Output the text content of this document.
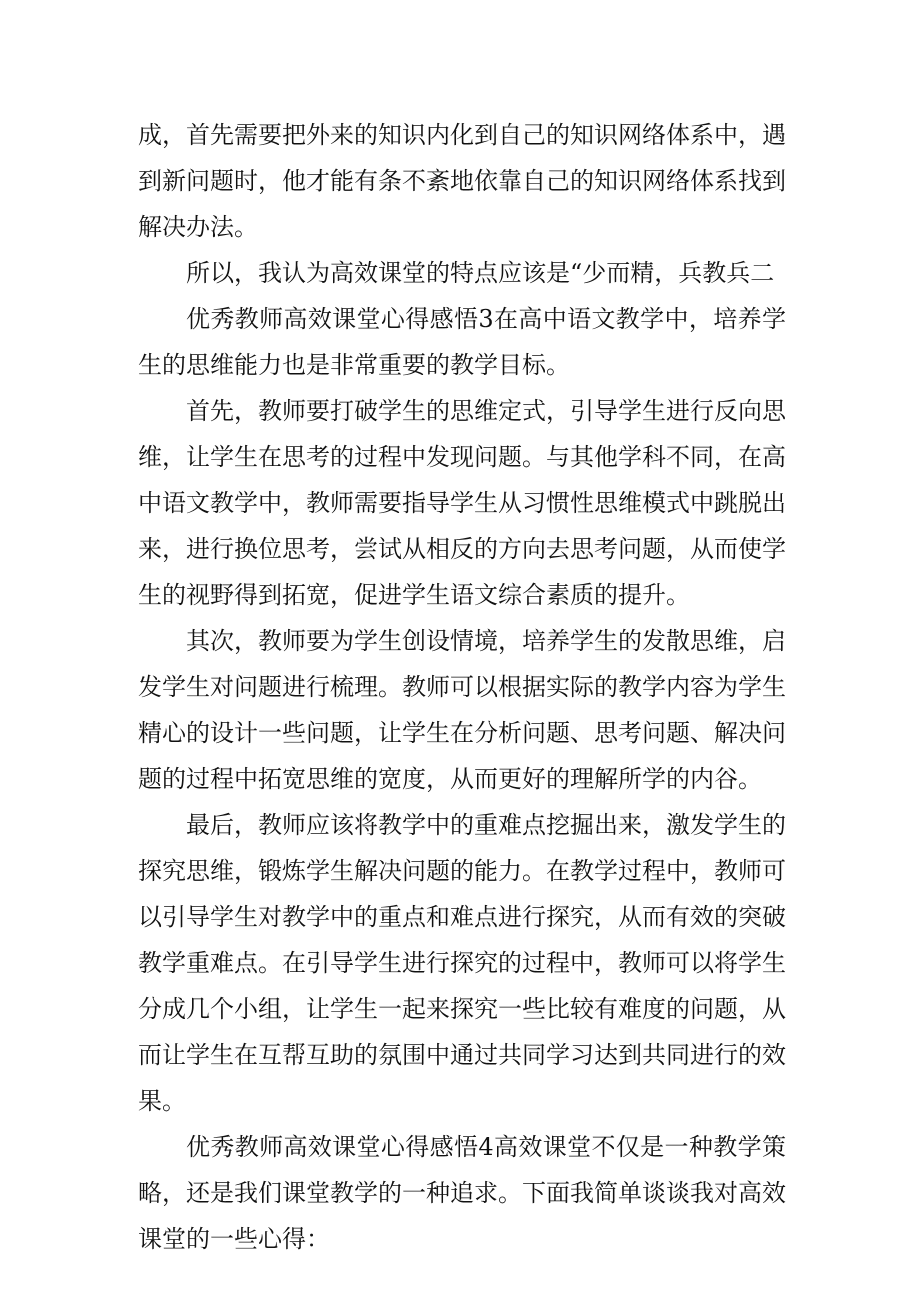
成，首先需要把外来的知识内化到自己的知识网络体系中，遇到新问题时，他才能有条不紊地依靠自己的知识网络体系找到解决办法。

所以，我认为高效课堂的特点应该是“少而精，兵教兵二

优秀教师高效课堂心得感悟3在高中语文教学中，培养学生的思维能力也是非常重要的教学目标。

首先，教师要打破学生的思维定式，引导学生进行反向思维，让学生在思考的过程中发现问题。与其他学科不同，在高中语文教学中，教师需要指导学生从习惯性思维模式中跳脱出来，进行换位思考，尝试从相反的方向去思考问题，从而使学生的视野得到拓宽，促进学生语文综合素质的提升。

其次，教师要为学生创设情境，培养学生的发散思维，启发学生对问题进行梳理。教师可以根据实际的教学内容为学生精心的设计一些问题，让学生在分析问题、思考问题、解决问题的过程中拓宽思维的宽度，从而更好的理解所学的内谷。

最后，教师应该将教学中的重难点挖掘出来，激发学生的探究思维，锻炼学生解决问题的能力。在教学过程中，教师可以引导学生对教学中的重点和难点进行探究，从而有效的突破教学重难点。在引导学生进行探究的过程中，教师可以将学生分成几个小组，让学生一起来探究一些比较有难度的问题，从而让学生在互帮互助的氛围中通过共同学习达到共同进行的效果。

优秀教师高效课堂心得感悟4高效课堂不仅是一种教学策略，还是我们课堂教学的一种追求。下面我简单谈谈我对高效课堂的一些心得：
